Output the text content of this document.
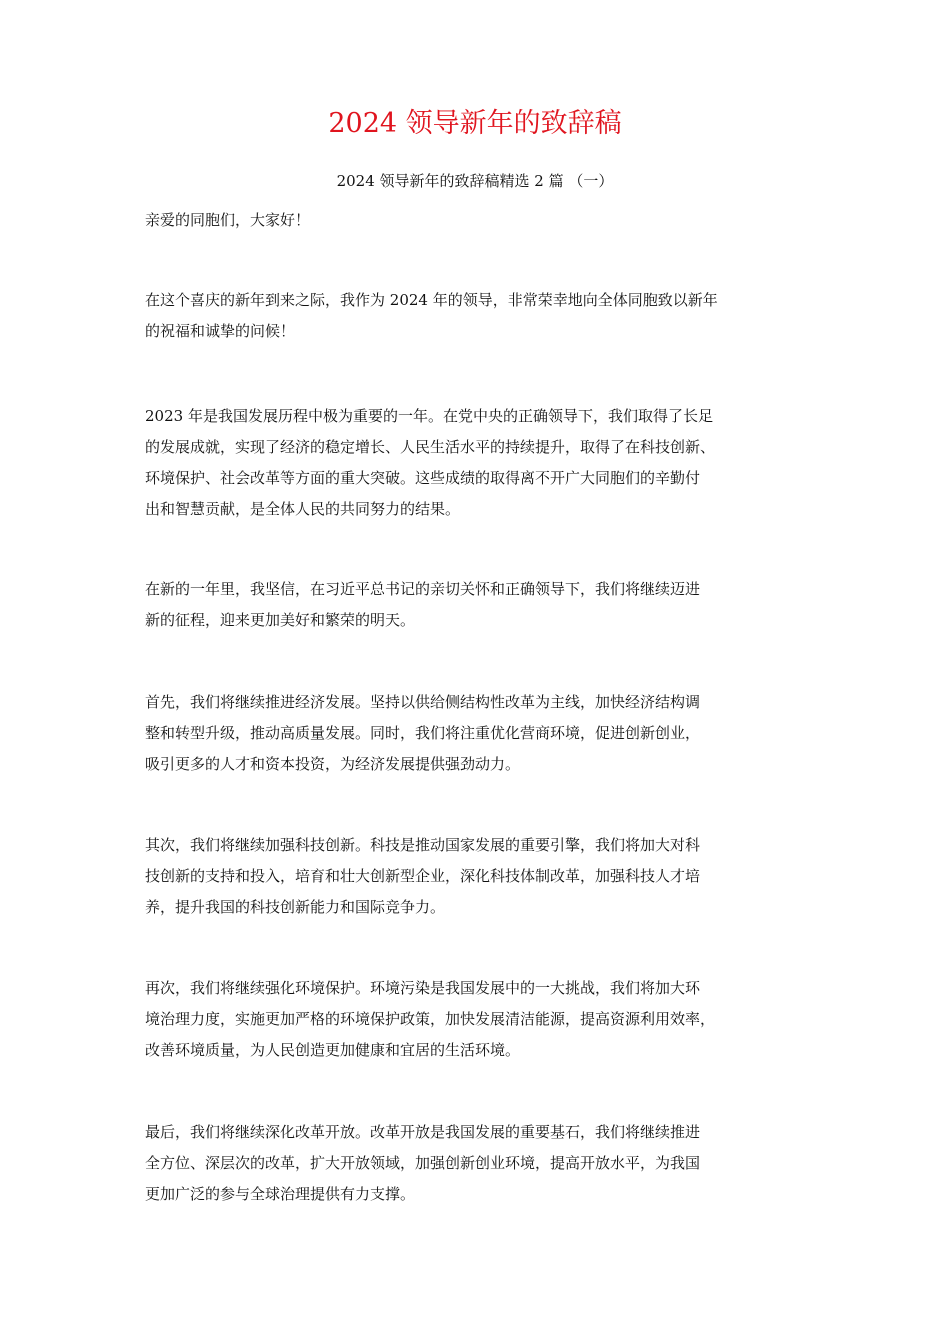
2024 领导新年的致辞稿

2024 领导新年的致辞稿精选 2 篇 （一）

亲爱的同胞们，大家好！

在这个喜庆的新年到来之际，我作为 2024 年的领导，非常荣幸地向全体同胞致以新年
的祝福和诚挚的问候！

2023 年是我国发展历程中极为重要的一年。在党中央的正确领导下，我们取得了长足
的发展成就，实现了经济的稳定增长、人民生活水平的持续提升，取得了在科技创新、
环境保护、社会改革等方面的重大突破。这些成绩的取得离不开广大同胞们的辛勤付
出和智慧贡献，是全体人民的共同努力的结果。

在新的一年里，我坚信，在习近平总书记的亲切关怀和正确领导下，我们将继续迈进
新的征程，迎来更加美好和繁荣的明天。

首先，我们将继续推进经济发展。坚持以供给侧结构性改革为主线，加快经济结构调
整和转型升级，推动高质量发展。同时，我们将注重优化营商环境，促进创新创业，
吸引更多的人才和资本投资，为经济发展提供强劲动力。

其次，我们将继续加强科技创新。科技是推动国家发展的重要引擎，我们将加大对科
技创新的支持和投入，培育和壮大创新型企业，深化科技体制改革，加强科技人才培
养，提升我国的科技创新能力和国际竞争力。

再次，我们将继续强化环境保护。环境污染是我国发展中的一大挑战，我们将加大环
境治理力度，实施更加严格的环境保护政策，加快发展清洁能源，提高资源利用效率，
改善环境质量，为人民创造更加健康和宜居的生活环境。

最后，我们将继续深化改革开放。改革开放是我国发展的重要基石，我们将继续推进
全方位、深层次的改革，扩大开放领域，加强创新创业环境，提高开放水平，为我国
更加广泛的参与全球治理提供有力支撑。
